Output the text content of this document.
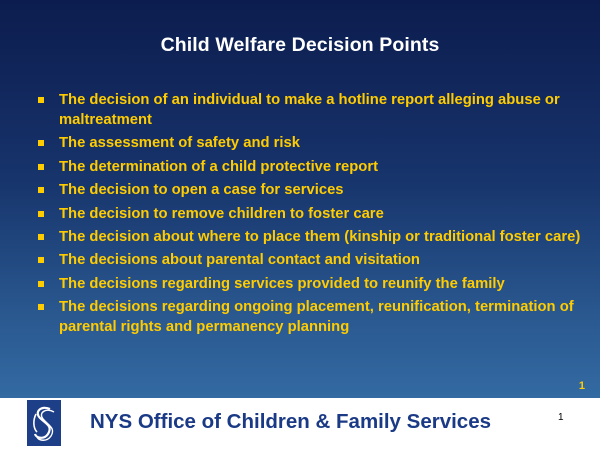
Child Welfare Decision Points
The decision of an individual to make a hotline report alleging abuse or maltreatment
The assessment of safety and risk
The determination of a child protective report
The decision to open a case for services
The decision to remove children to foster care
The decision about where to place them (kinship or traditional foster care)
The decisions about parental contact and visitation
The decisions regarding services provided to reunify the family
The decisions regarding ongoing placement, reunification, termination of parental rights and permanency planning
1
NYS Office of Children & Family Services	1
